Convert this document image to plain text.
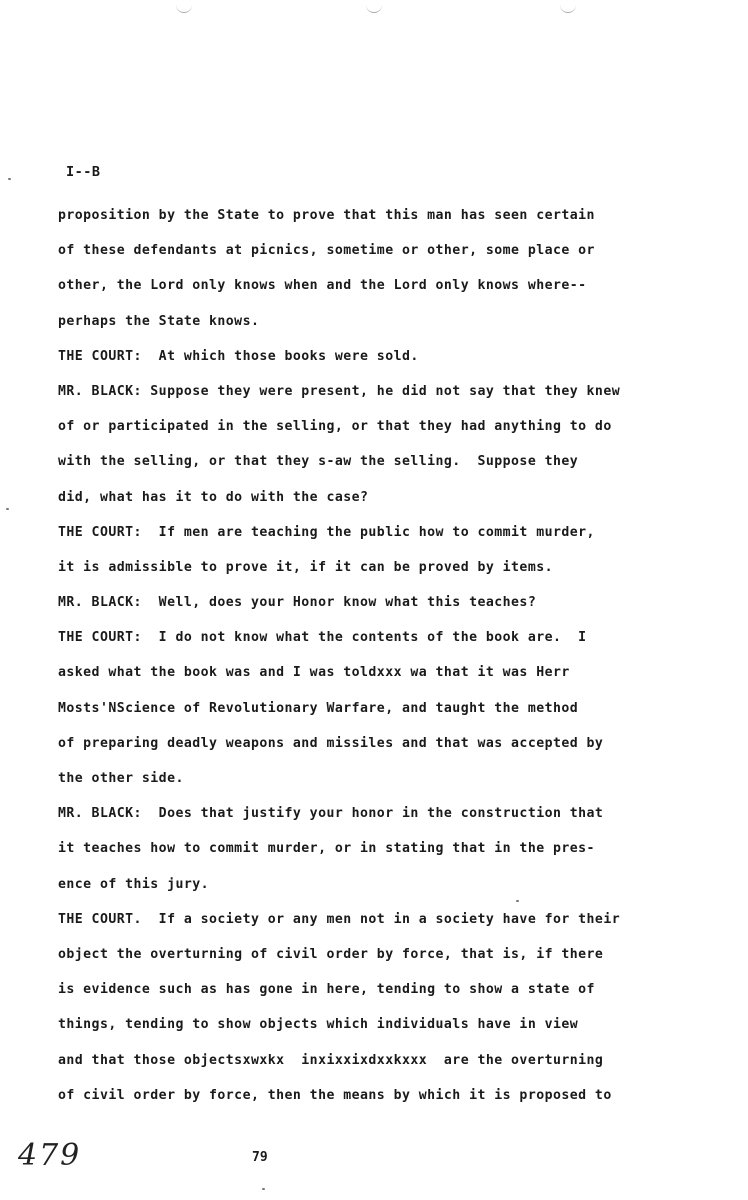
I--B
proposition by the State to prove that this man has seen certain
of these defendants at picnics, sometime or other, some place or
other, the Lord only knows when and the Lord only knows where--
perhaps the State knows.
THE COURT:  At which those books were sold.
MR. BLACK: Suppose they were present, he did not say that they knew
of or participated in the selling, or that they had anything to do
with the selling, or that they s-aw the selling.  Suppose they
did, what has it to do with the case?
THE COURT:  If men are teaching the public how to commit murder,
it is admissible to prove it, if it can be proved by items.
MR. BLACK:  Well, does your Honor know what this teaches?
THE COURT:  I do not know what the contents of the book are.  I
asked what the book was and I was toldxxx wa that it was Herr
Mosts'NScience of Revolutionary Warfare, and taught the method
of preparing deadly weapons and missiles and that was accepted by
the other side.
MR. BLACK:  Does that justify your honor in the construction that
it teaches how to commit murder, or in stating that in the pres-
ence of this jury.
THE COURT.  If a society or any men not in a society have for their
object the overturning of civil order by force, that is, if there
is evidence such as has gone in here, tending to show a state of
things, tending to show objects which individuals have in view
and that those objectsxwxkx  inxixxixdxxkxxx  are the overturning
of civil order by force, then the means by which it is proposed to
479	79
